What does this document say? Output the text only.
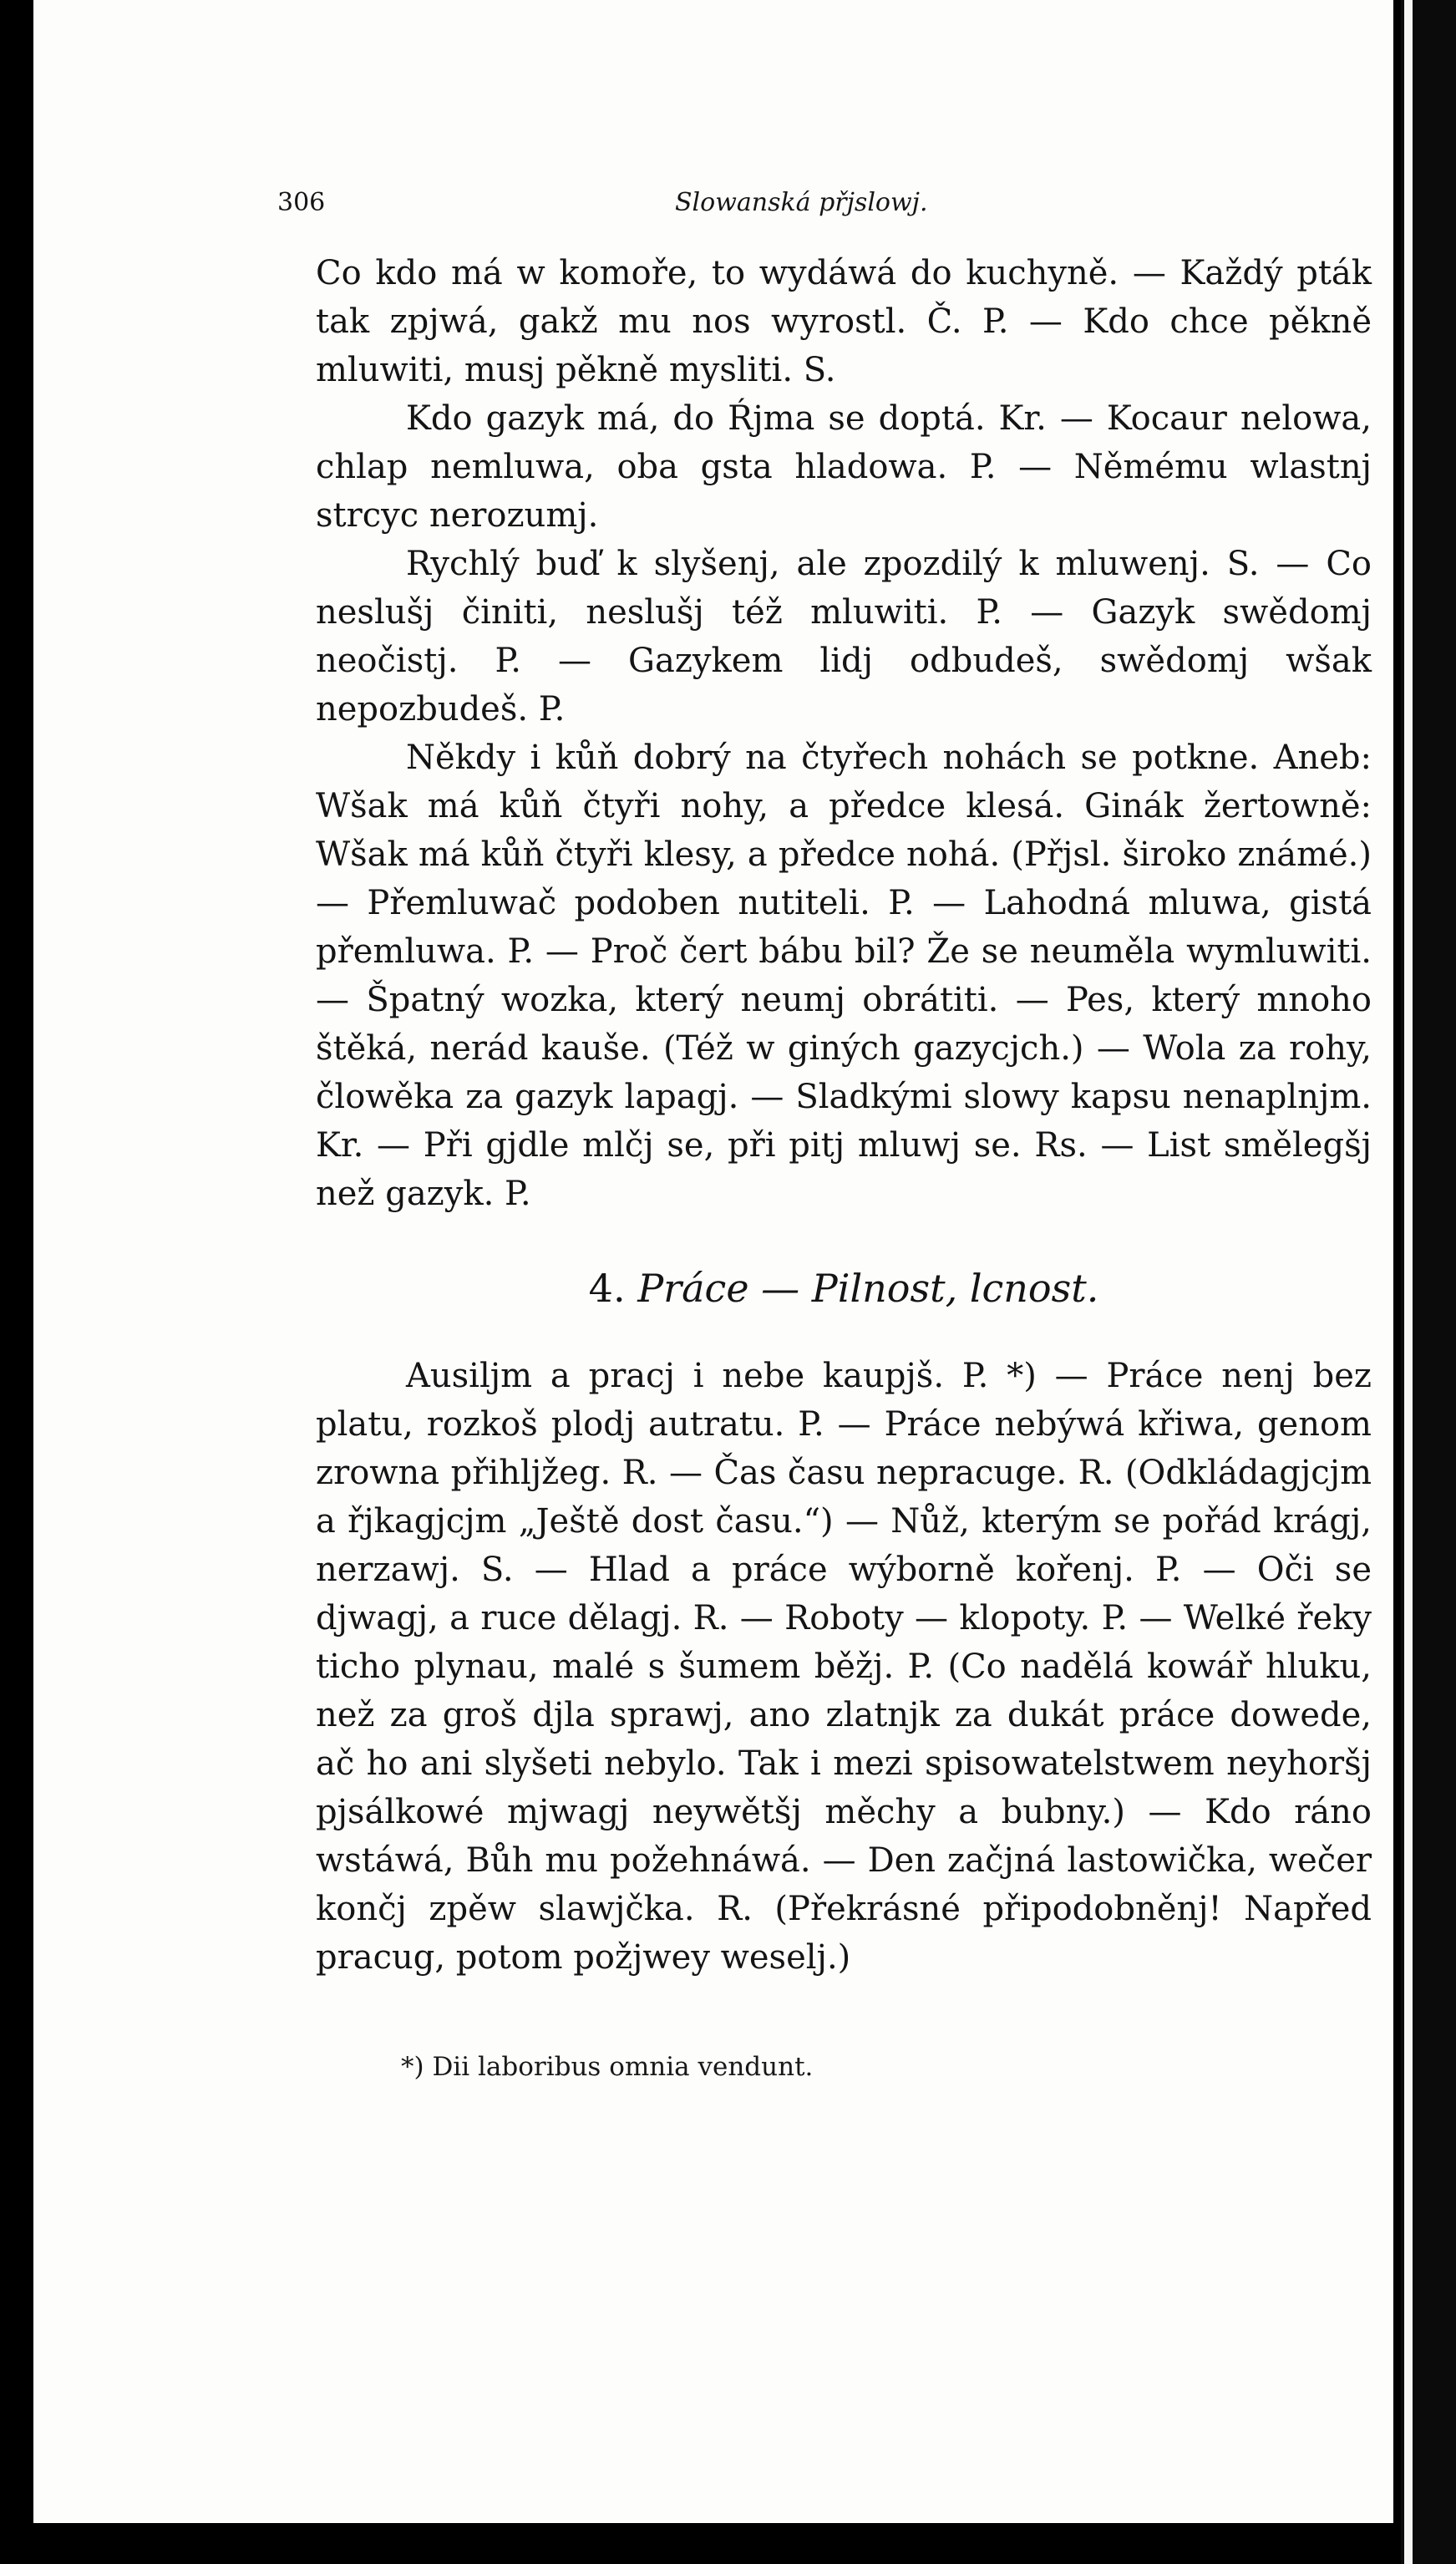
306	Slowanská přjslowj.

Co kdo má w komoře, to wydáwá do kuchyně. — Každý pták tak zpjwá, gakž mu nos wyrostl. Č. P. — Kdo chce pěkně mluwiti, musj pěkně mysliti. S.

Kdo gazyk má, do Ŕjma se doptá. Kr. — Kocaur nelowa, chlap nemluwa, oba gsta hladowa. P. — Němému wlastnj strcyc nerozumj.

Rychlý buď k slyšenj, ale zpozdilý k mluwenj. S. — Co neslušj činiti, neslušj též mluwiti. P. — Gazyk swědomj neočistj. P. — Gazykem lidj odbudeš, swědomj wšak nepozbudeš. P.

Někdy i kůň dobrý na čtyřech nohách se potkne. Aneb: Wšak má kůň čtyři nohy, a předce klesá. Ginák žertowně: Wšak má kůň čtyři klesy, a předce nohá. (Přjsl. široko známé.) — Přemluwač podoben nutiteli. P. — Lahodná mluwa, gistá přemluwa. P. — Proč čert bábu bil? Že se neuměla wymluwiti. — Špatný wozka, který neumj obrátiti. — Pes, který mnoho štěká, nerád kauše. (Též w giných gazycjch.) — Wola za rohy, člowěka za gazyk lapagj. — Sladkými slowy kapsu nenaplnjm. Kr. — Při gjdle mlčj se, při pitj mluwj se. Rs. — List smělegšj než gazyk. P.

4. Práce — Pilnost, lcnost.

Ausiljm a pracj i nebe kaupjš. P. *) — Práce nenj bez platu, rozkoš plodj autratu. P. — Práce nebýwá křiwa, genom zrowna přihljžeg. R. — Čas času nepracuge. R. (Odkládagjcjm a řjkagjcjm „Ještě dost času.“) — Nůž, kterým se pořád krágj, nerzawj. S. — Hlad a práce wýborně kořenj. P. — Oči se djwagj, a ruce dělagj. R. — Roboty — klopoty. P. — Welké řeky ticho plynau, malé s šumem běžj. P. (Co nadělá kowář hluku, než za groš djla sprawj, ano zlatnjk za dukát práce dowede, ač ho ani slyšeti nebylo. Tak i mezi spisowatelstwem neyhoršj pjsálkowé mjwagj neywětšj měchy a bubny.) — Kdo ráno wstáwá, Bůh mu požehnáwá. — Den začjná lastowička, wečer končj zpěw slawjčka. R. (Překrásné připodobněnj! Napřed pracug, potom požjwey weselj.)

*) Dii laboribus omnia vendunt.
